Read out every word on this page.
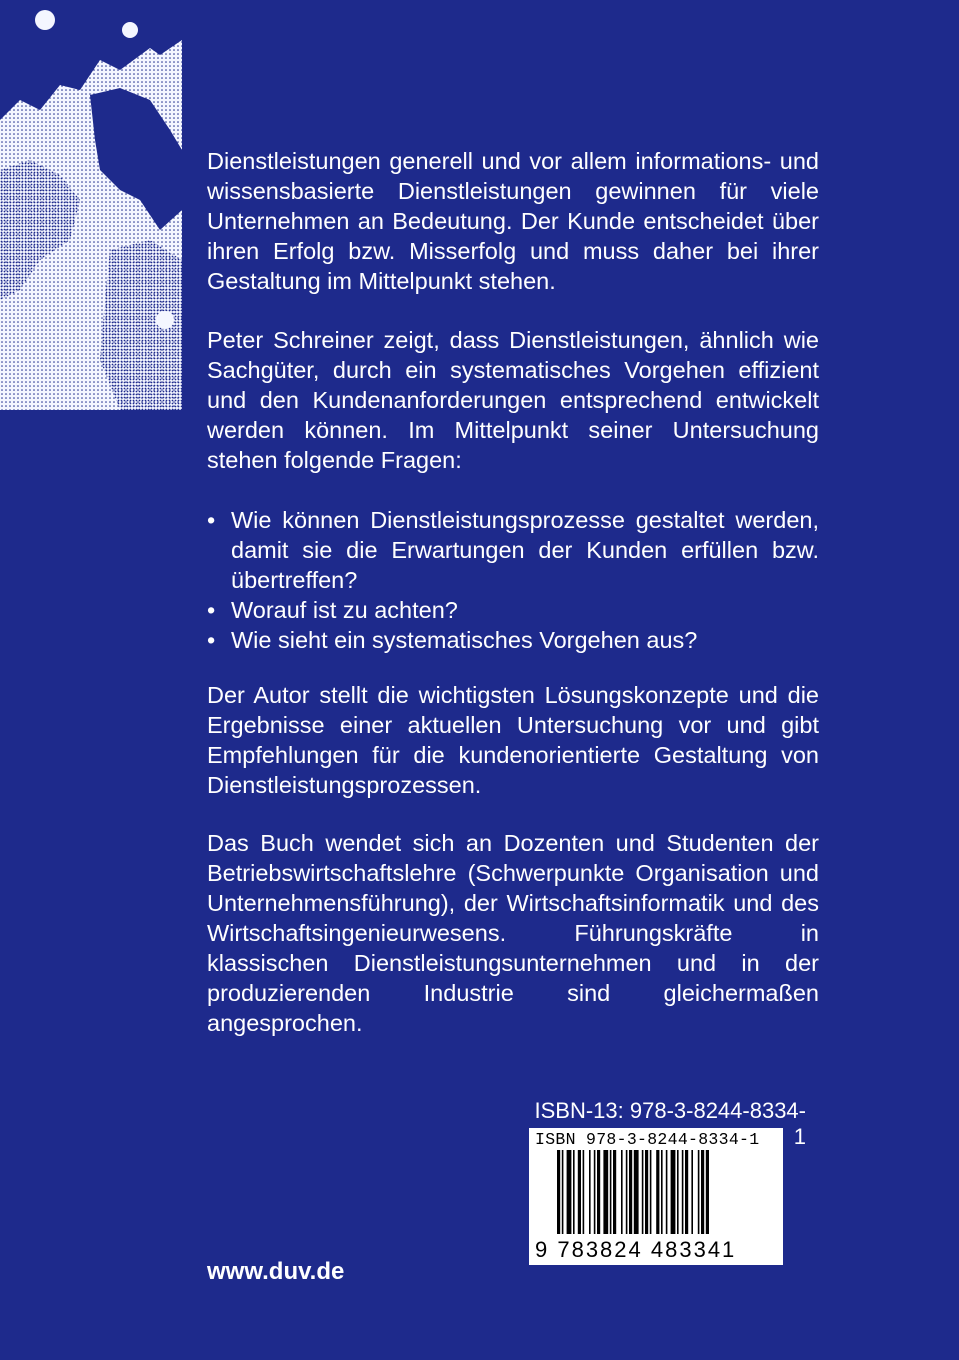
Dienstleistungen generell und vor allem informations- und wissensbasierte Dienstleistungen gewinnen für viele Unternehmen an Bedeutung. Der Kunde entscheidet über ihren Erfolg bzw. Misserfolg und muss daher bei ihrer Gestaltung im Mittelpunkt stehen.
Peter Schreiner zeigt, dass Dienstleistungen, ähnlich wie Sachgüter, durch ein systematisches Vorgehen effizient und den Kundenanforderungen entsprechend entwickelt werden können. Im Mittelpunkt seiner Untersuchung stehen folgende Fragen:
• Wie können Dienstleistungsprozesse gestaltet werden, damit sie die Erwartungen der Kunden erfüllen bzw. übertreffen?
• Worauf ist zu achten?
• Wie sieht ein systematisches Vorgehen aus?
Der Autor stellt die wichtigsten Lösungskonzepte und die Ergebnisse einer aktuellen Untersuchung vor und gibt Empfehlungen für die kundenorientierte Gestaltung von Dienstleistungsprozessen.
Das Buch wendet sich an Dozenten und Studenten der Betriebswirtschaftslehre (Schwerpunkte Organisation und Unternehmensführung), der Wirtschaftsinformatik und des Wirtschaftsingenieurwesens. Führungskräfte in klassischen Dienstleistungsunternehmen und in der produzierenden Industrie sind gleichermaßen angesprochen.
ISBN-13: 978-3-8244-8334-1
ISBN 978-3-8244-8334-1
9 783824 483341
www.duv.de
